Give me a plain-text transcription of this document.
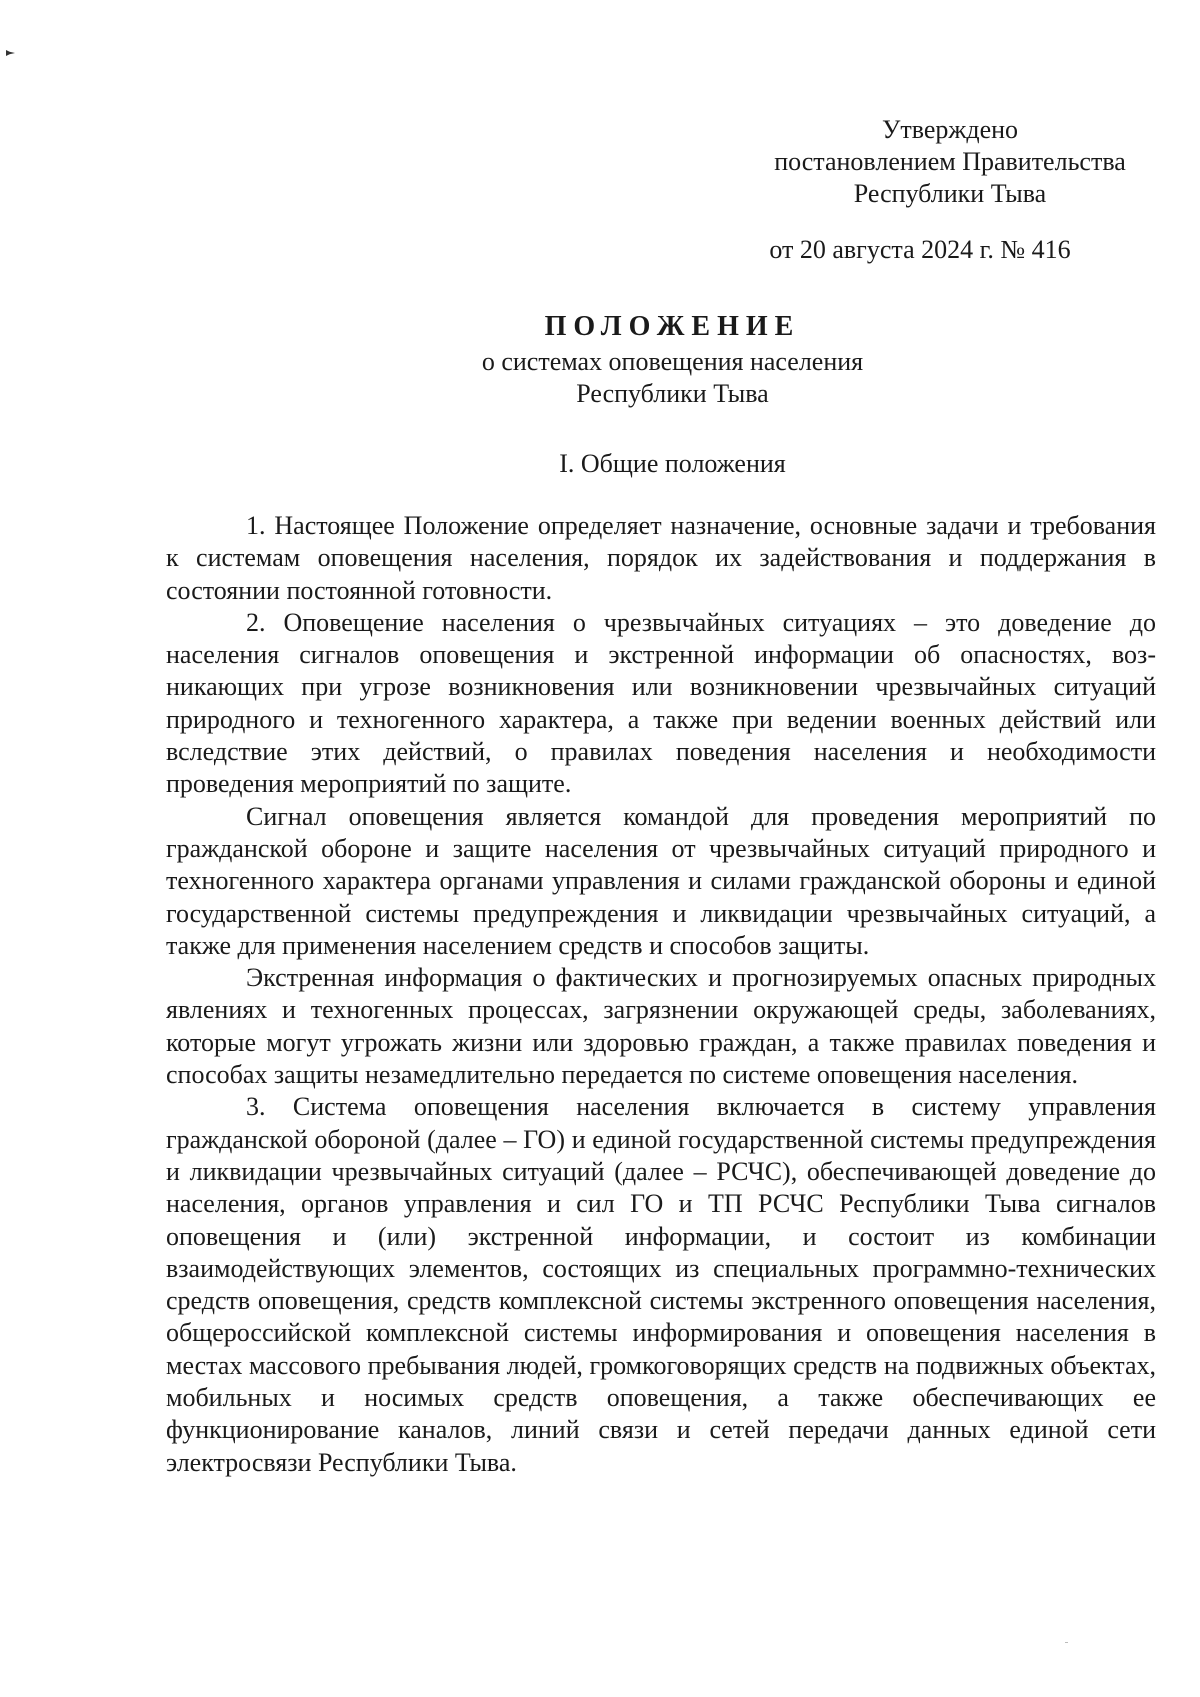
Утверждено
постановлением Правительства
Республики Тыва
от 20 августа 2024 г. № 416
ПОЛОЖЕНИЕ
о системах оповещения населения
Республики Тыва
I. Общие положения

1. Настоящее Положение определяет назначение, основные задачи и требования к системам оповещения населения, порядок их задействования и поддержания в состоянии постоянной готовности.

2. Оповещение населения о чрезвычайных ситуациях – это доведение до населения сигналов оповещения и экстренной информации об опасностях, возникающих при угрозе возникновения или возникновении чрезвычайных ситуаций природного и техногенного характера, а также при ведении военных действий или вследствие этих действий, о правилах поведения населения и необходимости проведения мероприятий по защите.

Сигнал оповещения является командой для проведения мероприятий по гражданской обороне и защите населения от чрезвычайных ситуаций природного и техногенного характера органами управления и силами гражданской обороны и единой государственной системы предупреждения и ликвидации чрезвычайных ситуаций, а также для применения населением средств и способов защиты.

Экстренная информация о фактических и прогнозируемых опасных природных явлениях и техногенных процессах, загрязнении окружающей среды, заболеваниях, которые могут угрожать жизни или здоровью граждан, а также правилах поведения и способах защиты незамедлительно передается по системе оповещения населения.

3. Система оповещения населения включается в систему управления гражданской обороной (далее – ГО) и единой государственной системы предупреждения и ликвидации чрезвычайных ситуаций (далее – РСЧС), обеспечивающей доведение до населения, органов управления и сил ГО и ТП РСЧС Республики Тыва сигналов оповещения и (или) экстренной информации, и состоит из комбинации взаимодействующих элементов, состоящих из специальных программно-технических средств оповещения, средств комплексной системы экстренного оповещения населения, общероссийской комплексной системы информирования и оповещения населения в местах массового пребывания людей, громкоговорящих средств на подвижных объектах, мобильных и носимых средств оповещения, а также обеспечивающих ее функционирование каналов, линий связи и сетей передачи данных единой сети электросвязи Республики Тыва.
